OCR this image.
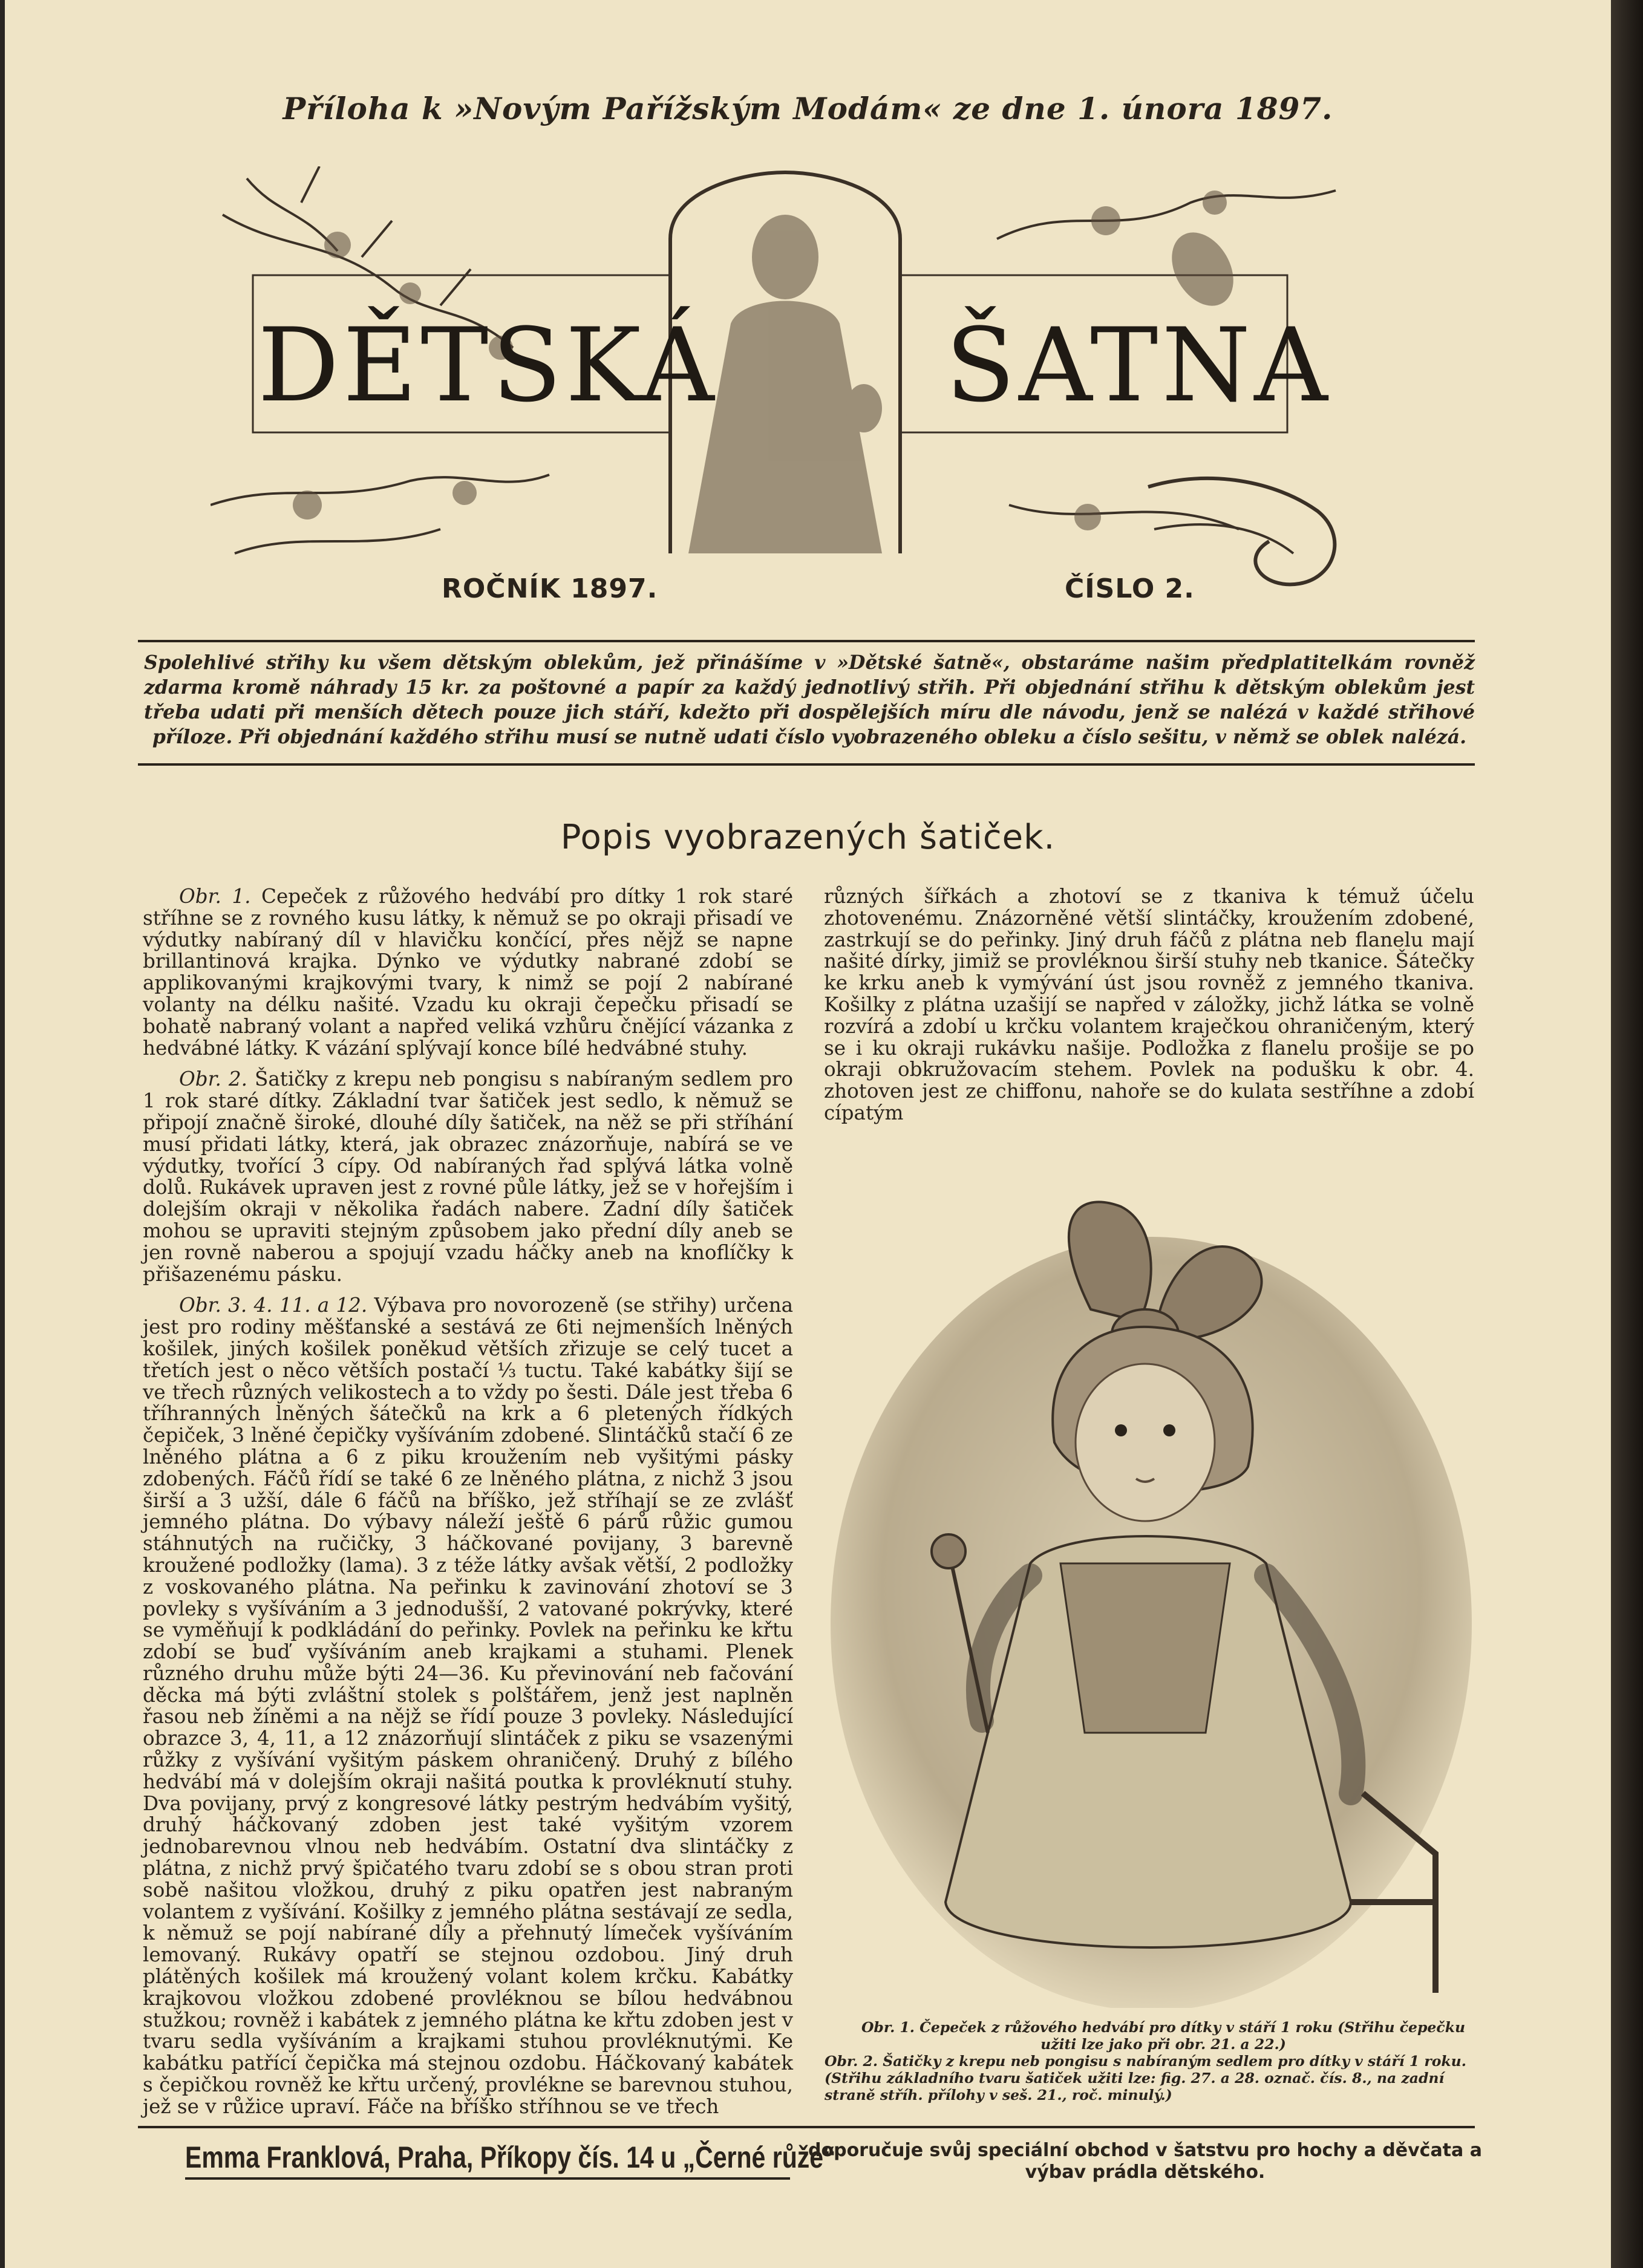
Příloha k »Novým Pařížským Modám« ze dne 1. února 1897.
DĚTSKÁ ŠATNA
ROČNÍK 1897.	ČÍSLO 2.
Spolehlivé střihy ku všem dětským oblekům, jež přinášíme v »Dětské šatně«, obstaráme našim předplatitelkám rovněž zdarma kromě náhrady 15 kr. za poštovné a papír za každý jednotlivý střih. Při objednání střihu k dětským oblekům jest třeba udati při menších dětech pouze jich stáří, kdežto při dospělejších míru dle návodu, jenž se nalézá v každé střihové příloze. Při objednání každého střihu musí se nutně udati číslo vyobrazeného obleku a číslo sešitu, v němž se oblek nalézá.
Popis vyobrazených šatiček.

Obr. 1. Cepeček z růžového hedvábí pro dítky 1 rok staré stříhne se z rovného kusu látky, k němuž se po okraji přisadí ve výdutky nabíraný díl v hlavičku končící, přes nějž se napne brillantinová krajka. Dýnko ve výdutky nabrané zdobí se applikovanými krajkovými tvary, k nimž se pojí 2 nabírané volanty na délku našité. Vzadu ku okraji čepečku přisadí se bohatě nabraný volant a napřed veliká vzhůru čnějící vázanka z hedvábné látky. K vázání splývají konce bílé hedvábné stuhy.

Obr. 2. Šatičky z krepu neb pongisu s nabíraným sedlem pro 1 rok staré dítky. Základní tvar šatiček jest sedlo, k němuž se připojí značně široké, dlouhé díly šatiček, na něž se při stříhání musí přidati látky, která, jak obrazec znázorňuje, nabírá se ve výdutky, tvořící 3 cípy. Od nabíraných řad splývá látka volně dolů. Rukávek upraven jest z rovné půle látky, jež se v hořejším i dolejším okraji v několika řadách nabere. Zadní díly šatiček mohou se upraviti stejným způsobem jako přední díly aneb se jen rovně naberou a spojují vzadu háčky aneb na knoflíčky k přišazenému pásku.

Obr. 3. 4. 11. a 12. Výbava pro novorozeně (se střihy) určena jest pro rodiny měšťanské a sestává ze 6ti nejmenších lněných košilek, jiných košilek poněkud větších zřizuje se celý tucet a třetích jest o něco větších postačí ⅓ tuctu. Také kabátky šijí se ve třech různých velikostech a to vždy po šesti. Dále jest třeba 6 tříhranných lněných šátečků na krk a 6 pletených řídkých čepiček, 3 lněné čepičky vyšíváním zdobené. Slintáčků stačí 6 ze lněného plátna a 6 z piku kroužením neb vyšitými pásky zdobených. Fáčů řídí se také 6 ze lněného plátna, z nichž 3 jsou širší a 3 užší, dále 6 fáčů na bříško, jež stříhají se ze zvlášť jemného plátna. Do výbavy náleží ještě 6 párů růžic gumou stáhnutých na ručičky, 3 háčkované povijany, 3 barevně kroužené podložky (lama). 3 z téže látky avšak větší, 2 podložky z voskovaného plátna. Na peřinku k zavinování zhotoví se 3 povleky s vyšíváním a 3 jednodušší, 2 vatované pokrývky, které se vyměňují k podkládání do peřinky. Povlek na peřinku ke křtu zdobí se buď vyšíváním aneb krajkami a stuhami. Plenek různého druhu může býti 24—36. Ku převinování neb fačování děcka má býti zvláštní stolek s polštářem, jenž jest naplněn řasou neb žíněmi a na nějž se řídí pouze 3 povleky. Následující obrazce 3, 4, 11, a 12 znázorňují slintáček z piku se vsazenými růžky z vyšívání vyšitým páskem ohraničený. Druhý z bílého hedvábí má v dolejším okraji našitá poutka k provléknutí stuhy. Dva povijany, prvý z kongresové látky pestrým hedvábím vyšitý, druhý háčkovaný zdoben jest také vyšitým vzorem jednobarevnou vlnou neb hedvábím. Ostatní dva slintáčky z plátna, z nichž prvý špičatého tvaru zdobí se s obou stran proti sobě našitou vložkou, druhý z piku opatřen jest nabraným volantem z vyšívání. Košilky z jemného plátna sestávají ze sedla, k němuž se pojí nabírané díly a přehnutý límeček vyšíváním lemovaný. Rukávy opatří se stejnou ozdobou. Jiný druh plátěných košilek má kroužený volant kolem krčku. Kabátky krajkovou vložkou zdobené provléknou se bílou hedvábnou stužkou; rovněž i kabátek z jemného plátna ke křtu zdoben jest v tvaru sedla vyšíváním a krajkami stuhou provléknutými. Ke kabátku patřící čepička má stejnou ozdobu. Háčkovaný kabátek s čepičkou rovněž ke křtu určený, provlékne se barevnou stuhou, jež se v růžice upraví. Fáče na bříško stříhnou se ve třech

různých šířkách a zhotoví se z tkaniva k témuž účelu zhotovenému. Znázorněné větší slintáčky, kroužením zdobené, zastrkují se do peřinky. Jiný druh fáčů z plátna neb flanelu mají našité dírky, jimiž se provléknou širší stuhy neb tkanice. Šátečky ke krku aneb k vymývání úst jsou rovněž z jemného tkaniva. Košilky z plátna uzašijí se napřed v záložky, jichž látka se volně rozvírá a zdobí u krčku volantem kraječkou ohraničeným, který se i ku okraji rukávku našije. Podložka z flanelu prošije se po okraji obkružovacím stehem. Povlek na podušku k obr. 4. zhotoven jest ze chiffonu, nahoře se do kulata sestříhne a zdobí cípatým

Obr. 1. Čepeček z růžového hedvábí pro dítky v stáří 1 roku (Střihu čepečku užiti lze jako při obr. 21. a 22.)
Obr. 2. Šatičky z krepu neb pongisu s nabíraným sedlem pro dítky v stáří 1 roku. (Střihu základního tvaru šatiček užiti lze: fig. 27. a 28. označ. čís. 8., na zadní straně stříh. přílohy v seš. 21., roč. minulý.)
Emma Franklová, Praha, Příkopy čís. 14 u „Černé růže“
doporučuje svůj speciální obchod v šatstvu pro hochy a děvčata a výbav prádla dětského.
